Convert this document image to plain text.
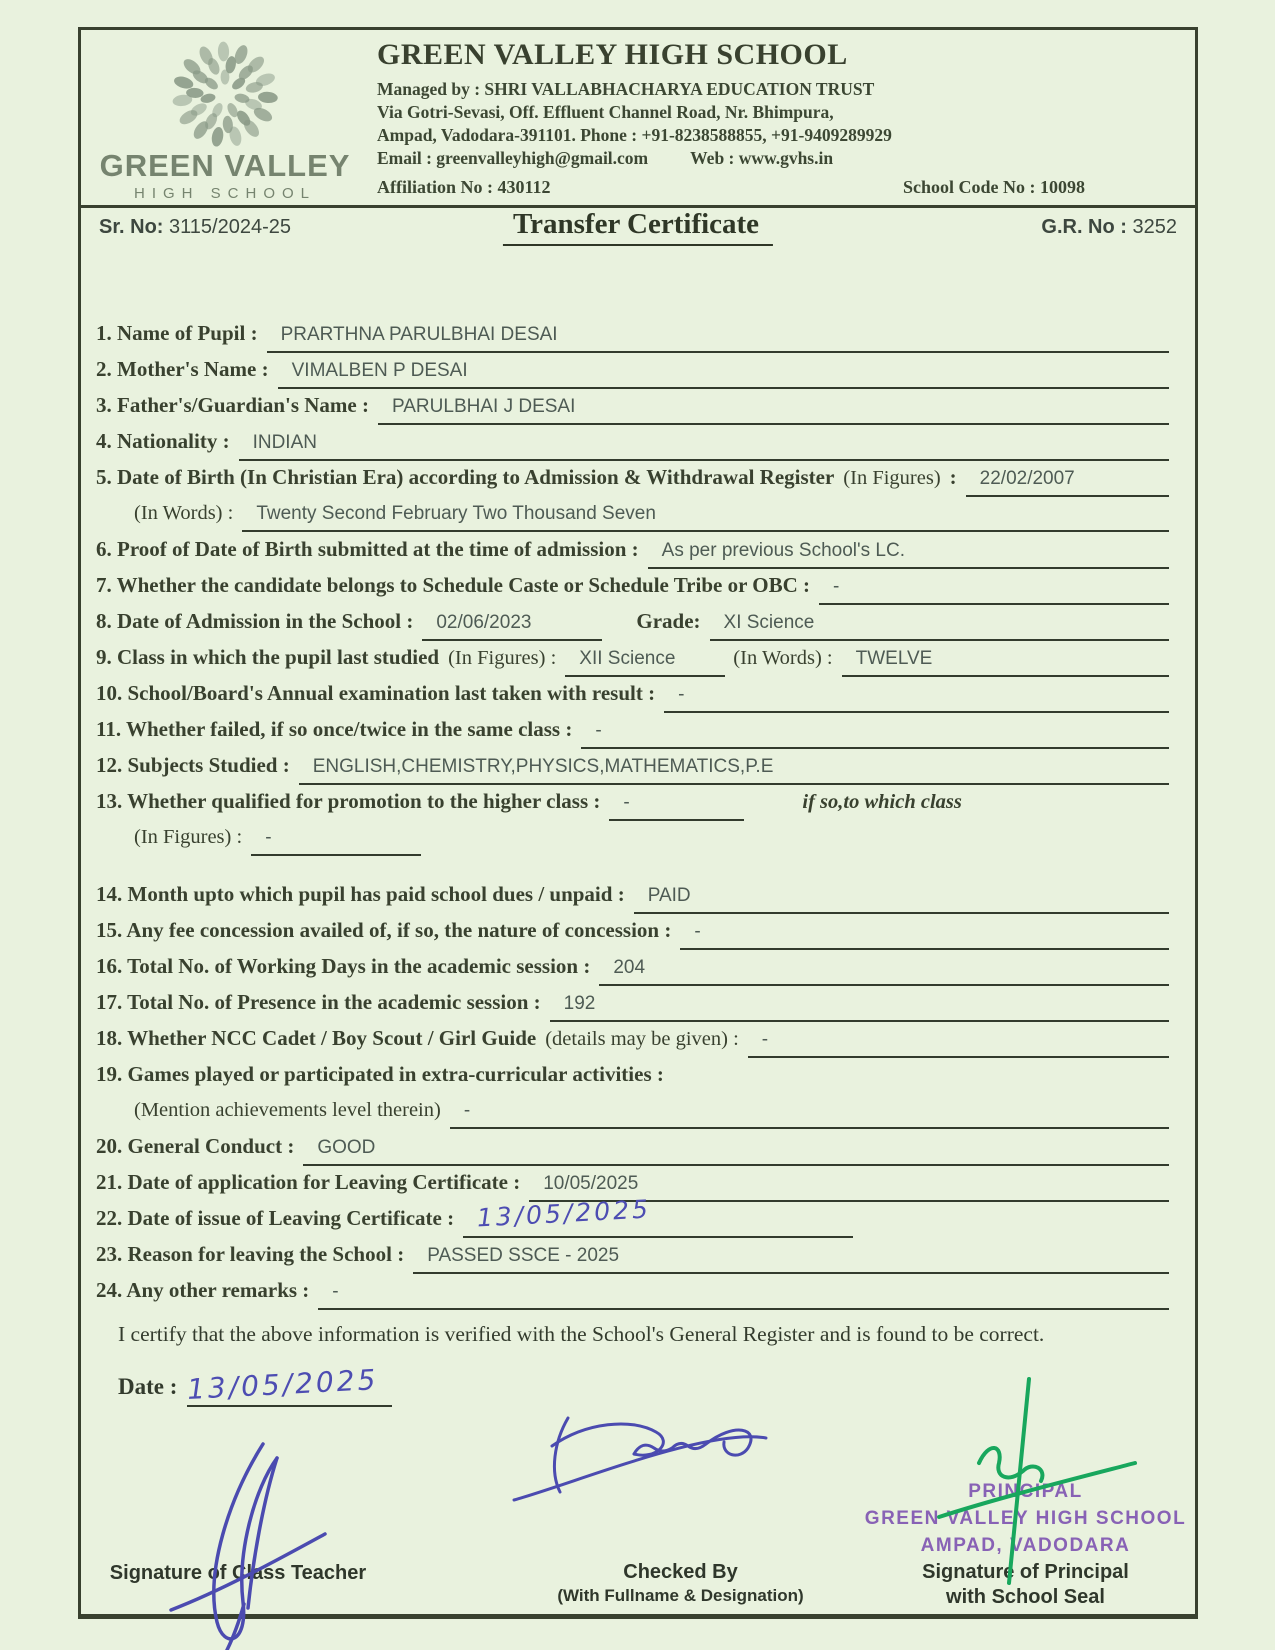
GREEN VALLEY
HIGH SCHOOL
GREEN VALLEY HIGH SCHOOL
Managed by : SHRI VALLABHACHARYA EDUCATION TRUST
Via Gotri-Sevasi, Off. Effluent Channel Road, Nr. Bhimpura,
Ampad, Vadodara-391101. Phone : +91-8238588855, +91-9409289929
Email : greenvalleyhigh@gmail.com Web : www.gvhs.in
Affiliation No : 430112	School Code No : 10098
Sr. No: 3115/2024-25	Transfer Certificate	G.R. No : 3252
1. Name of Pupil :	PRARTHNA PARULBHAI DESAI
2. Mother's Name :	VIMALBEN P DESAI
3. Father's/Guardian's Name :	PARULBHAI J DESAI
4. Nationality :	INDIAN
5. Date of Birth (In Christian Era) according to Admission & Withdrawal Register (In Figures) :	22/02/2007
(In Words) :	Twenty Second February Two Thousand Seven
6. Proof of Date of Birth submitted at the time of admission :	As per previous School's LC.
7. Whether the candidate belongs to Schedule Caste or Schedule Tribe or OBC :	-
8. Date of Admission in the School :	02/06/2023	Grade:	XI Science
9. Class in which the pupil last studied (In Figures) :	XII Science	(In Words) :	TWELVE
10. School/Board's Annual examination last taken with result :	-
11. Whether failed, if so once/twice in the same class :	-
12. Subjects Studied :	ENGLISH,CHEMISTRY,PHYSICS,MATHEMATICS,P.E
13. Whether qualified for promotion to the higher class :	-	if so,to which class
(In Figures) :	-
14. Month upto which pupil has paid school dues / unpaid :	PAID
15. Any fee concession availed of, if so, the nature of concession :	-
16. Total No. of Working Days in the academic session :	204
17. Total No. of Presence in the academic session :	192
18. Whether NCC Cadet / Boy Scout / Girl Guide (details may be given) :	-
19. Games played or participated in extra-curricular activities :
(Mention achievements level therein)	-
20. General Conduct :	GOOD
21. Date of application for Leaving Certificate :	10/05/2025
22. Date of issue of Leaving Certificate : 13/05/2025
23. Reason for leaving the School :	PASSED SSCE - 2025
24. Any other remarks :	-
I certify that the above information is verified with the School's General Register and is found to be correct.
Date : 13/05/2025
PRINCIPAL
GREEN VALLEY HIGH SCHOOL
AMPAD, VADODARA
Signature of Class Teacher	Checked By
(With Fullname & Designation)
Signature of Principal
with School Seal
